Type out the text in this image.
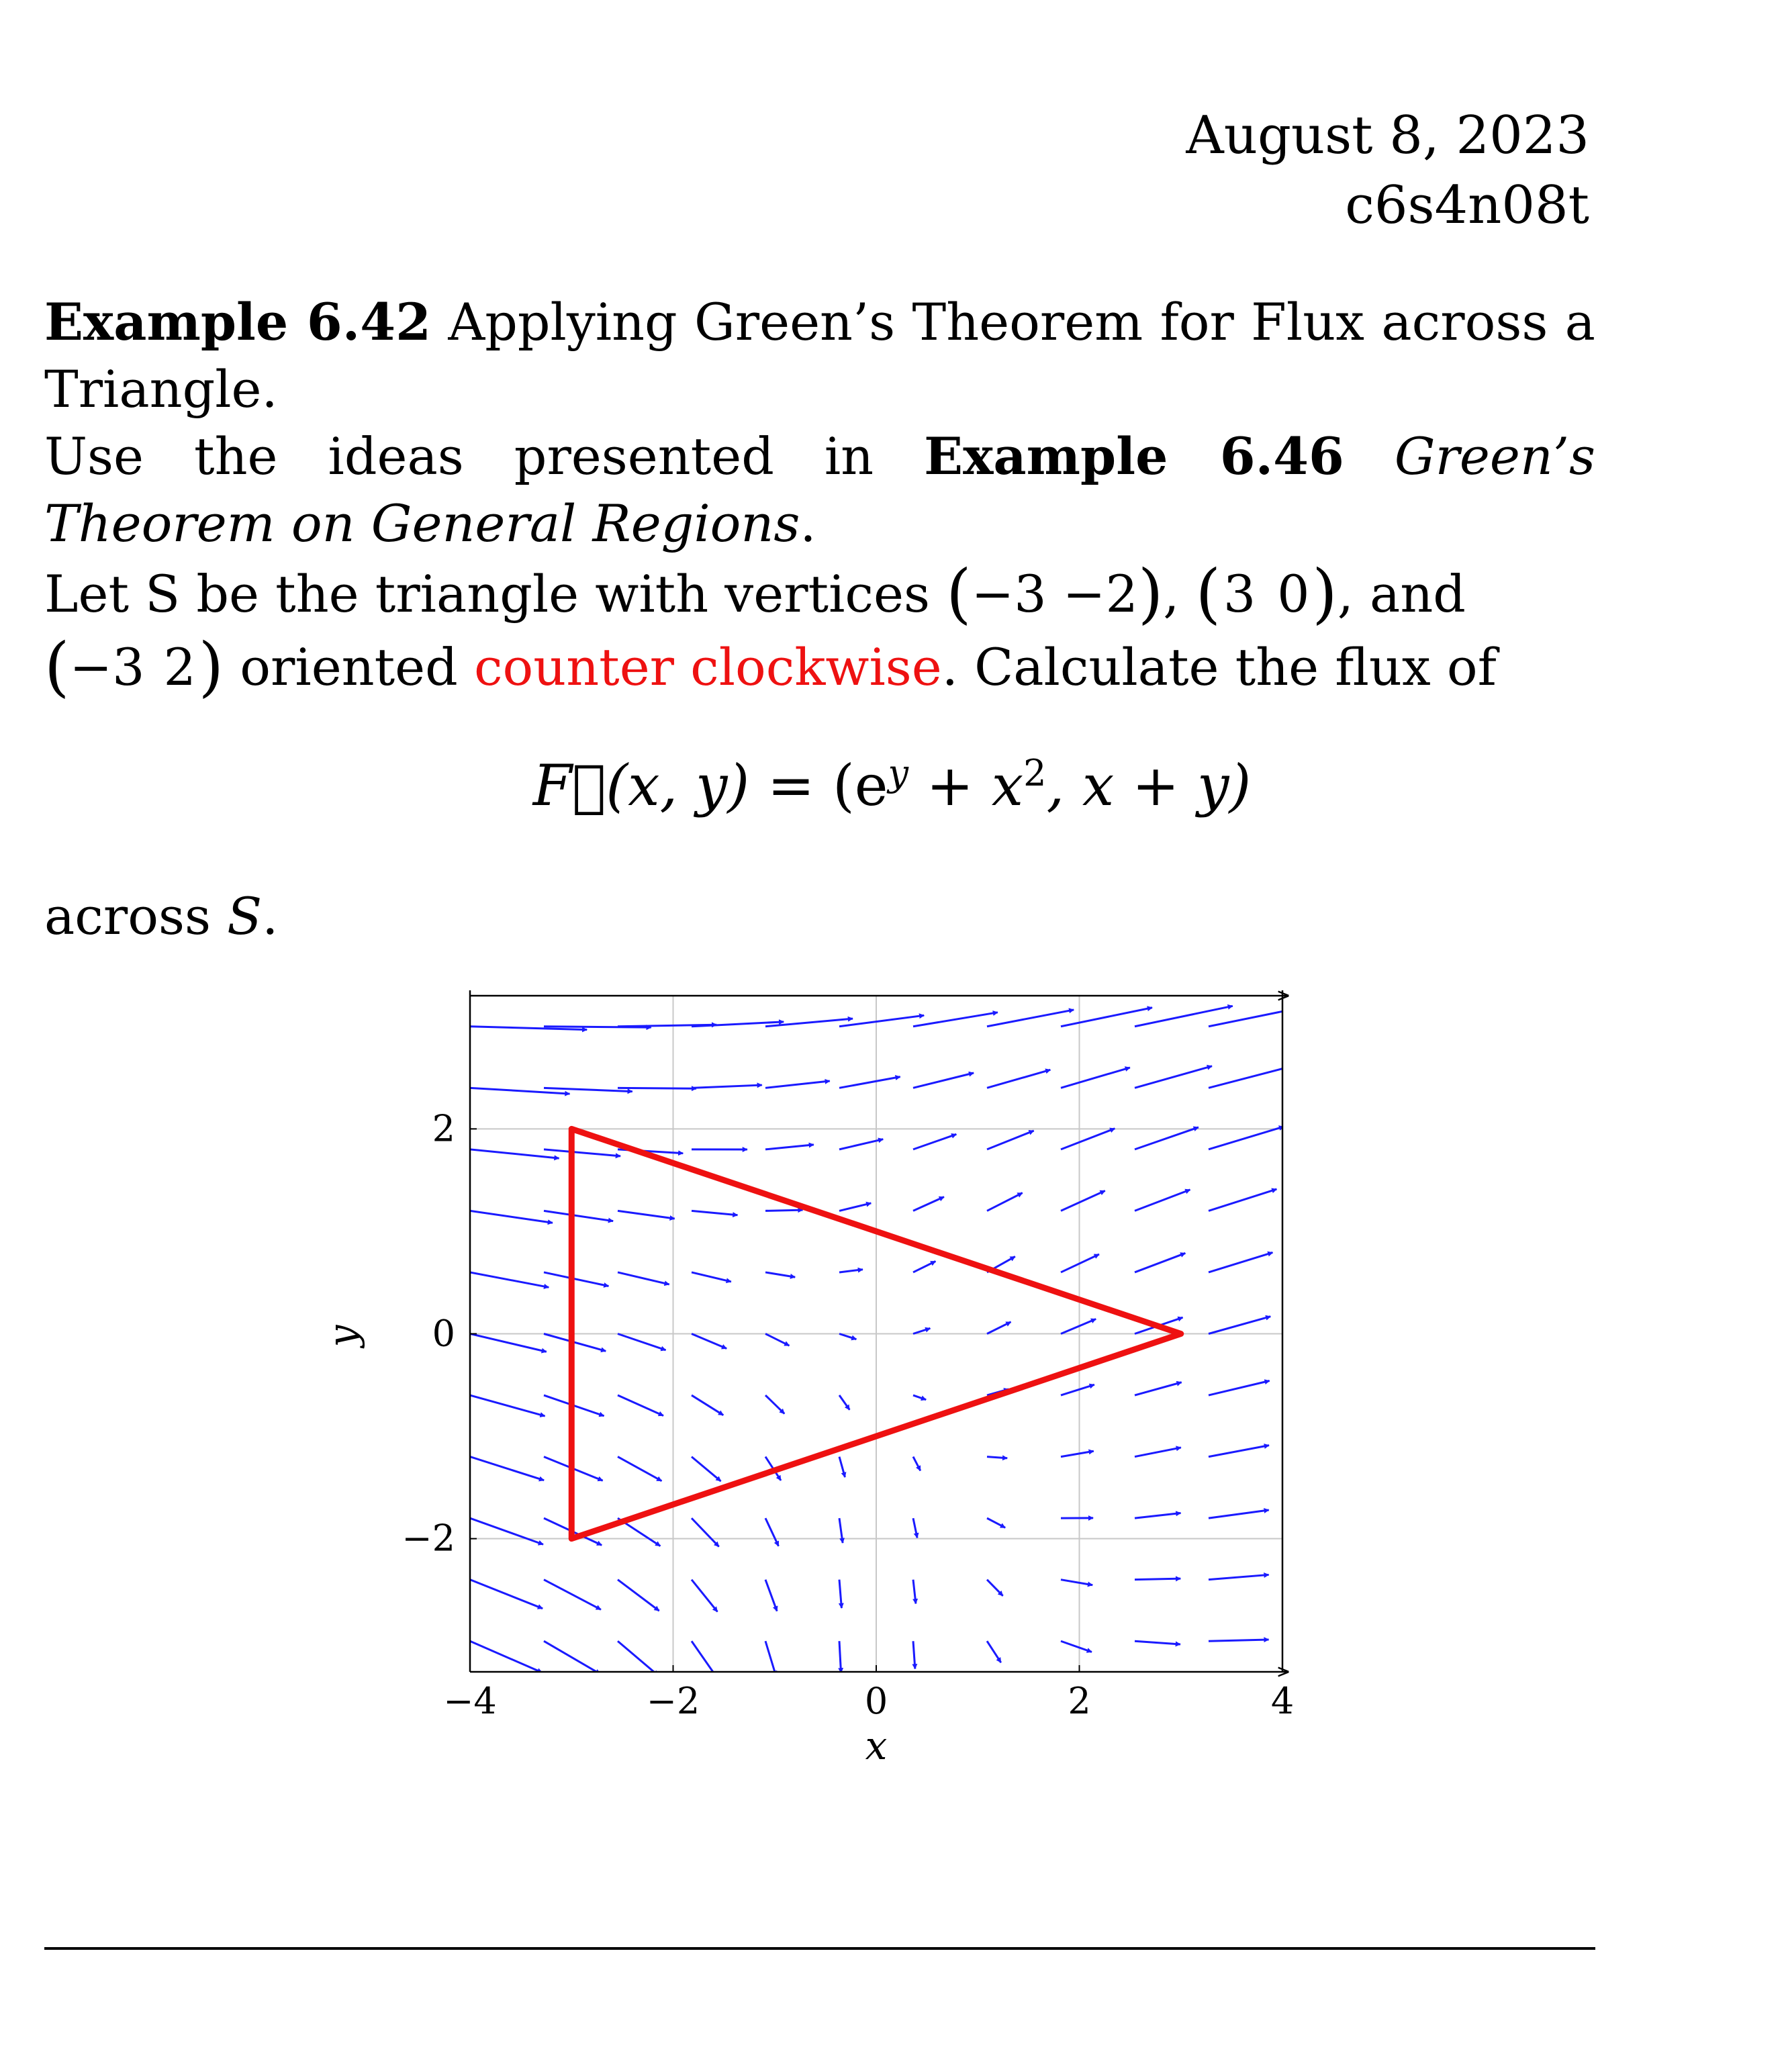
August 8, 2023
c6s4n08t
Example 6.42 Applying Green’s Theorem for Flux across a Triangle.
Use the ideas presented in Example 6.46 Green’s Theorem on General Regions.
Let S be the triangle with vertices (−3 −2), (3 0), and
(−3 2) oriented counter clockwise. Calculate the flux of
F⃗(x, $y) = (e^y + x^2$, x + y)
across S.
−4	−2	0	2	4
−2
0
2
x
y
